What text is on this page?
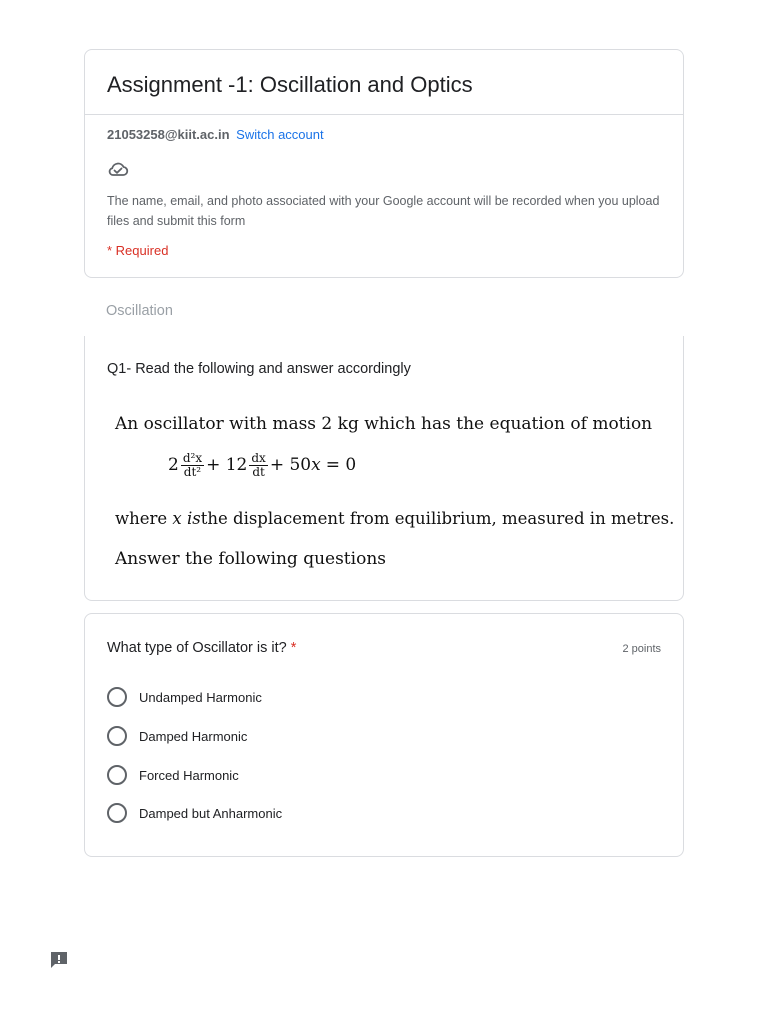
Assignment -1: Oscillation and Optics
21053258@kiit.ac.in Switch account
The name, email, and photo associated with your Google account will be recorded when you upload files and submit this form
* Required
Oscillation
Q1- Read the following and answer accordingly
An oscillator with mass 2 kg which has the equation of motion
$2 \frac{\text{d²x}}{\text{dt²}} + 12 \frac{dx}{dt} + 50$ x = 0
where x isthe displacement from equilibrium, measured in metres.
Answer the following questions
What type of Oscillator is it? *	2 points
Undamped Harmonic
Damped Harmonic
Forced Harmonic
Damped but Anharmonic
